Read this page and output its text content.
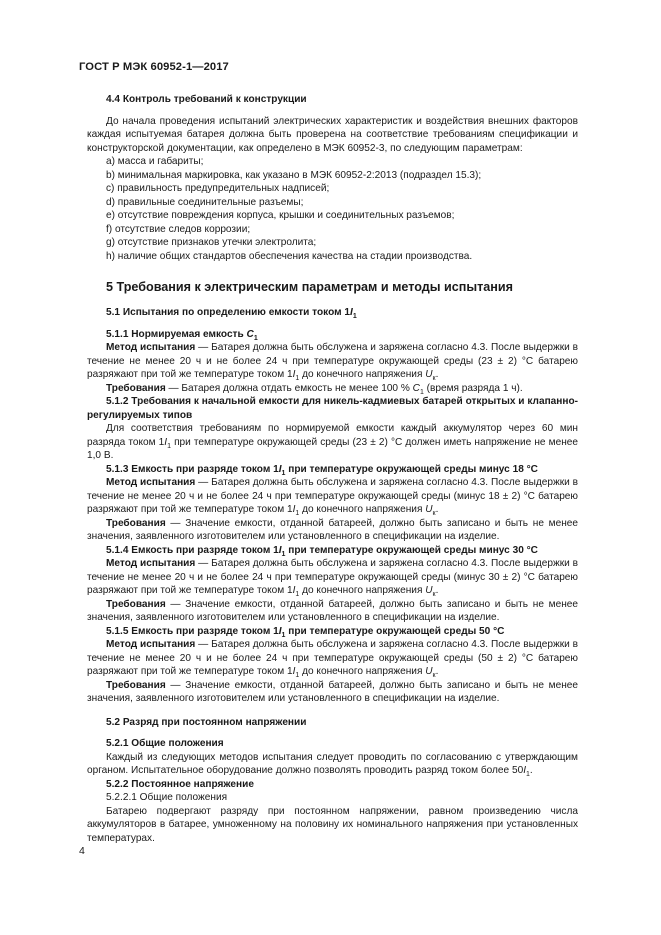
ГОСТ Р МЭК 60952-1—2017

4.4 Контроль требований к конструкции

До начала проведения испытаний электрических характеристик и воздействия внешних факторов каждая испытуемая батарея должна быть проверена на соответствие требованиям спецификации и конструкторской документации, как определено в МЭК 60952-3, по следующим параметрам:

a) масса и габариты;

b) минимальная маркировка, как указано в МЭК 60952-2:2013 (подраздел 15.3);

c) правильность предупредительных надписей;

d) правильные соединительные разъемы;

e) отсутствие повреждения корпуса, крышки и соединительных разъемов;

f) отсутствие следов коррозии;

g) отсутствие признаков утечки электролита;

h) наличие общих стандартов обеспечения качества на стадии производства.

5 Требования к электрическим параметрам и методы испытания

5.1 Испытания по определению емкости током $1I_1$

5.1.1 Нормируемая емкость $C_1$

Метод испытания — Батарея должна быть обслужена и заряжена согласно 4.3. После выдержки в течение не менее 20 ч и не более 24 ч при температуре окружающей среды (23 ± 2) °C батарею разряжают при той же температуре током $1I_1$ до конечного напряжения $U_к$.

Требования — Батарея должна отдать емкость не менее 100 % $C_1$ (время разряда 1 ч).

5.1.2 Требования к начальной емкости для никель-кадмиевых батарей открытых и клапанно-регулируемых типов

Для соответствия требованиям по нормируемой емкости каждый аккумулятор через 60 мин разряда током $1I_1$ при температуре окружающей среды (23 ± 2) °C должен иметь напряжение не менее 1,0 В.

5.1.3 Емкость при разряде током $1I_1$ при температуре окружающей среды минус 18 °C

Метод испытания — Батарея должна быть обслужена и заряжена согласно 4.3. После выдержки в течение не менее 20 ч и не более 24 ч при температуре окружающей среды (минус 18 ± 2) °C батарею разряжают при той же температуре током $1I_1$ до конечного напряжения $U_к$.

Требования — Значение емкости, отданной батареей, должно быть записано и быть не менее значения, заявленного изготовителем или установленного в спецификации на изделие.

5.1.4 Емкость при разряде током $1I_1$ при температуре окружающей среды минус 30 °C

Метод испытания — Батарея должна быть обслужена и заряжена согласно 4.3. После выдержки в течение не менее 20 ч и не более 24 ч при температуре окружающей среды (минус 30 ± 2) °C батарею разряжают при той же температуре током $1I_1$ до конечного напряжения $U_к$.

Требования — Значение емкости, отданной батареей, должно быть записано и быть не менее значения, заявленного изготовителем или установленного в спецификации на изделие.

5.1.5 Емкость при разряде током $1I_1$ при температуре окружающей среды 50 °C

Метод испытания — Батарея должна быть обслужена и заряжена согласно 4.3. После выдержки в течение не менее 20 ч и не более 24 ч при температуре окружающей среды (50 ± 2) °C батарею разряжают при той же температуре током $1I_1$ до конечного напряжения $U_к$.

Требования — Значение емкости, отданной батареей, должно быть записано и быть не менее значения, заявленного изготовителем или установленного в спецификации на изделие.

5.2 Разряд при постоянном напряжении

5.2.1 Общие положения

Каждый из следующих методов испытания следует проводить по согласованию с утверждающим органом. Испытательное оборудование должно позволять проводить разряд током более $50I_1$.

5.2.2 Постоянное напряжение

5.2.2.1 Общие положения

Батарею подвергают разряду при постоянном напряжении, равном произведению числа аккумуляторов в батарее, умноженному на половину их номинального напряжения при установленных температурах.

4
